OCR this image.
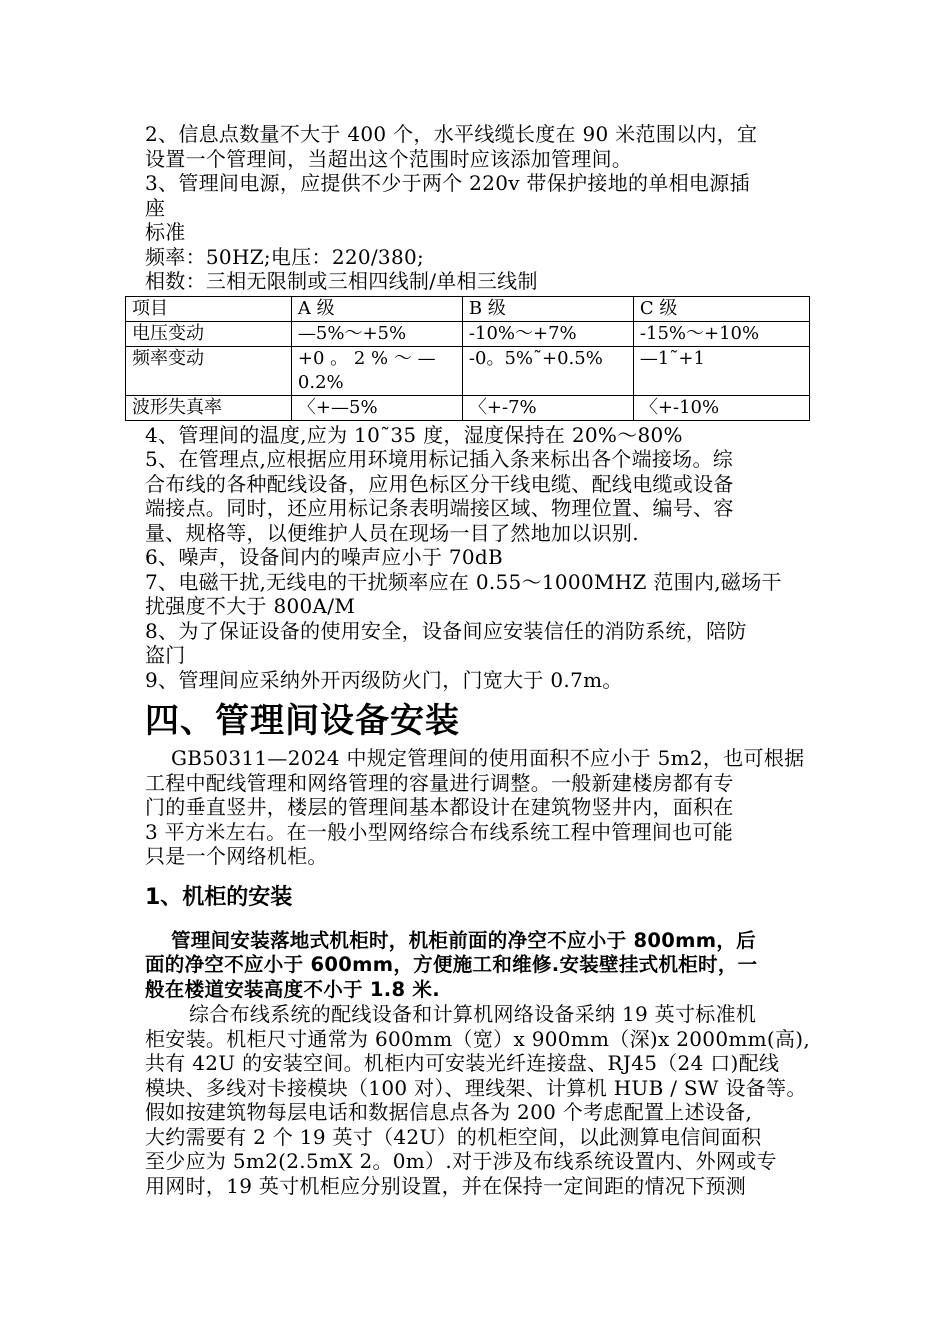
2、信息点数量不大于 400 个，水平线缆长度在 90 米范围以内，宜
设置一个管理间，当超出这个范围时应该添加管理间。
3、管理间电源，应提供不少于两个 220v 带保护接地的单相电源插
座
标准
频率：50HZ;电压：220/380;
相数：三相无限制或三相四线制/单相三线制
项目	A 级	B 级	C 级
电压变动	—5%～+5%	-10%～+7%	-15%～+10%
频率变动	+0 。 2 % ～ —0.2%	-0。5%˜+0.5%	—1˜+1
波形失真率	〈+—5%	〈+-7%	〈+-10%
4、管理间的温度,应为 10˜35 度，湿度保持在 20%～80%
5、在管理点,应根据应用环境用标记插入条来标出各个端接场。综
合布线的各种配线设备，应用色标区分干线电缆、配线电缆或设备
端接点。同时，还应用标记条表明端接区域、物理位置、编号、容
量、规格等，以便维护人员在现场一目了然地加以识别.
6、噪声，设备间内的噪声应小于 70dB
7、电磁干扰,无线电的干扰频率应在 0.55～1000MHZ 范围内,磁场干
扰强度不大于 800A/M
8、为了保证设备的使用安全，设备间应安装信任的消防系统，陪防
盗门
9、管理间应采纳外开丙级防火门，门宽大于 0.7m。
四、管理间设备安装
GB50311—2024 中规定管理间的使用面积不应小于 5m2，也可根据
工程中配线管理和网络管理的容量进行调整。一般新建楼房都有专
门的垂直竖井，楼层的管理间基本都设计在建筑物竖井内，面积在
3 平方米左右。在一般小型网络综合布线系统工程中管理间也可能
只是一个网络机柜。
1、机柜的安装
管理间安装落地式机柜时，机柜前面的净空不应小于 800mm，后
面的净空不应小于 600mm，方便施工和维修.安装壁挂式机柜时，一
般在楼道安装高度不小于 1.8 米.
综合布线系统的配线设备和计算机网络设备采纳 19 英寸标准机
柜安装。机柜尺寸通常为 600mm（宽）x 900mm（深)x 2000mm(高),
共有 42U 的安装空间。机柜内可安装光纤连接盘、RJ45（24 口)配线
模块、多线对卡接模块（100 对）、理线架、计算机 HUB / SW 设备等。
假如按建筑物每层电话和数据信息点各为 200 个考虑配置上述设备,
大约需要有 2 个 19 英寸（42U）的机柜空间，以此测算电信间面积
至少应为 5m2(2.5mX 2。0m）.对于涉及布线系统设置内、外网或专
用网时，19 英寸机柜应分别设置，并在保持一定间距的情况下预测
